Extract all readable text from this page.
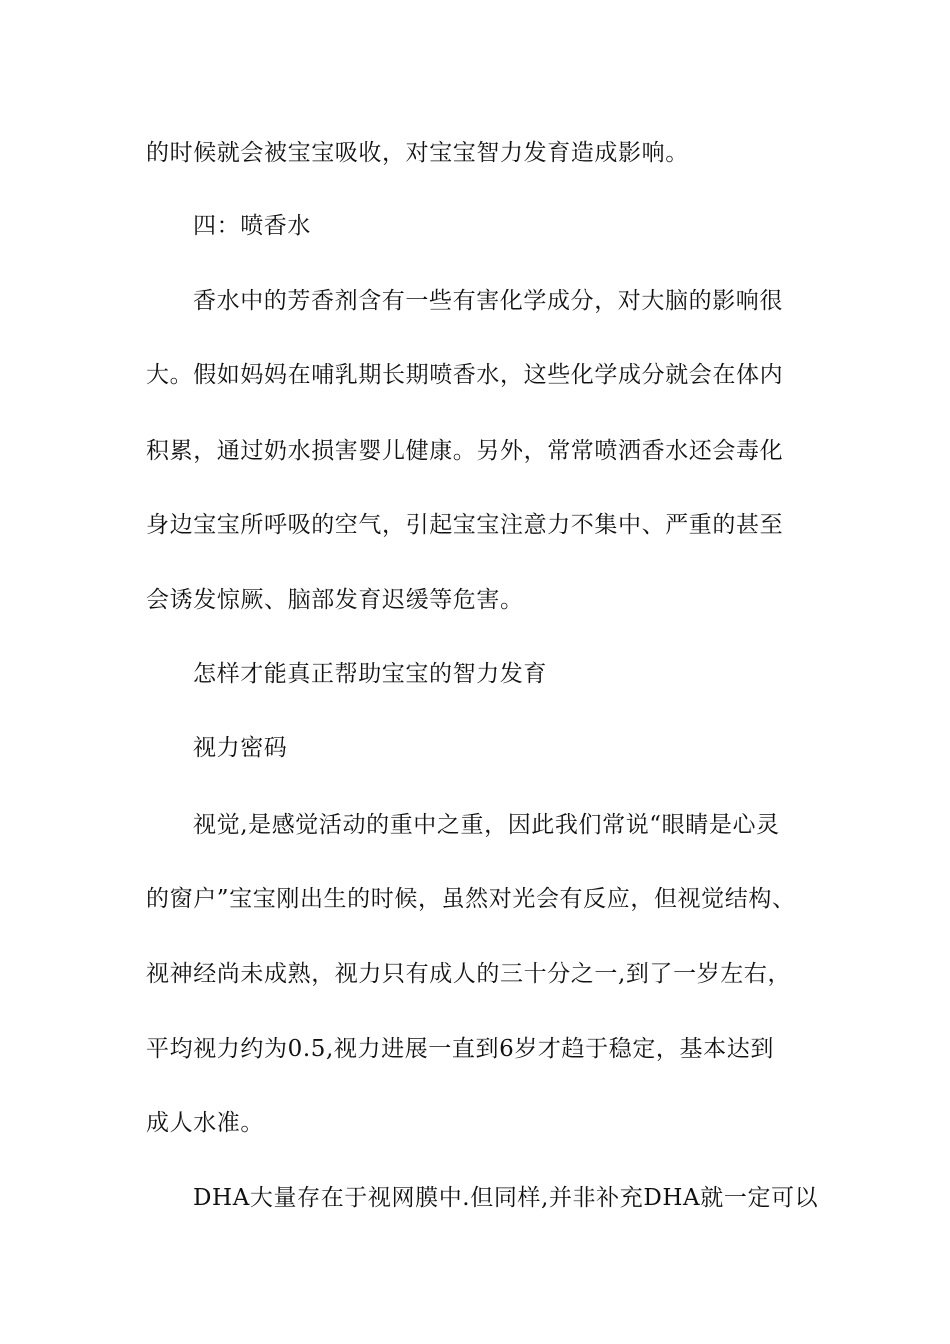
的时候就会被宝宝吸收，对宝宝智力发育造成影响。
四：喷香水
香水中的芳香剂含有一些有害化学成分，对大脑的影响很
大。假如妈妈在哺乳期长期喷香水，这些化学成分就会在体内
积累，通过奶水损害婴儿健康。另外，常常喷洒香水还会毒化
身边宝宝所呼吸的空气，引起宝宝注意力不集中、严重的甚至
会诱发惊厥、脑部发育迟缓等危害。
怎样才能真正帮助宝宝的智力发育
视力密码
视觉,是感觉活动的重中之重，因此我们常说“眼睛是心灵
的窗户”宝宝刚出生的时候，虽然对光会有反应，但视觉结构、
视神经尚未成熟，视力只有成人的三十分之一,到了一岁左右，
平均视力约为0.5,视力进展一直到6岁才趋于稳定，基本达到
成人水准。
DHA大量存在于视网膜中.但同样,并非补充DHA就一定可以
